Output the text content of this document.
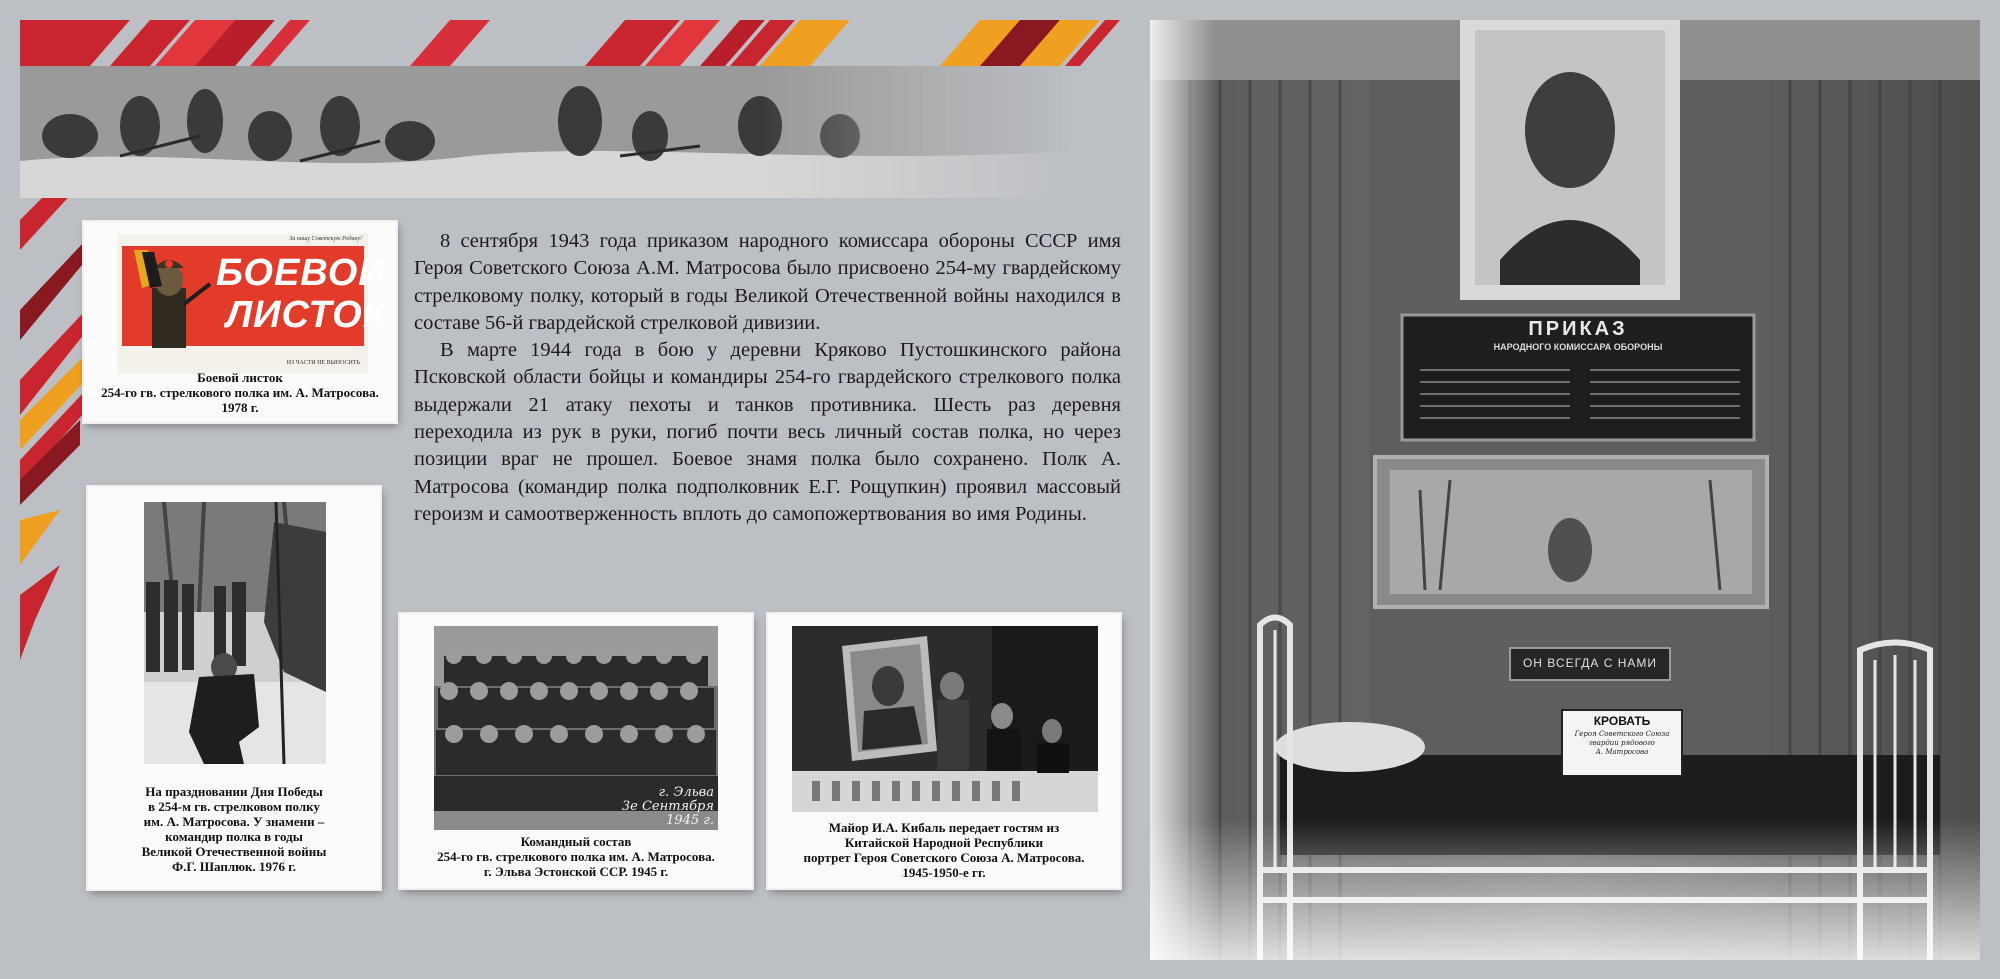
За нашу Советскую Родину!
БОЕВОЙ
ЛИСТОК
ИЗ ЧАСТИ НЕ ВЫНОСИТЬ
Боевой листок
254-го гв. стрелкового полка им. А. Матросова.
1978 г.
На праздновании Дня Победы
в 254-м гв. стрелковом полку
им. А. Матросова. У знамени –
командир полка в годы
Великой Отечественной войны
Ф.Г. Шаплюк. 1976 г.
г. Эльва
3е Сентября
1945 г.
Командный состав
254-го гв. стрелкового полка им. А. Матросова.
г. Эльва Эстонской ССР. 1945 г.
Майор И.А. Кибаль передает гостям из
Китайской Народной Республики
портрет Героя Советского Союза А. Матросова.
1945-1950-е гг.

8 сентября 1943 года приказом народного комиссара обороны СССР имя Героя Советского Союза А.М. Матросова было присвоено 254-му гвардейскому стрелковому полку, который в годы Великой Отечественной войны находился в составе 56-й гвардейской стрелковой дивизии.

В марте 1944 года в бою у деревни Кряково Пустошкинского района Псковской области бойцы и командиры 254-го гвардейского стрелкового полка выдержали 21 атаку пехоты и танков противника. Шесть раз деревня переходила из рук в руки, погиб почти весь личный состав полка, но через позиции враг не прошел. Боевое знамя полка было сохранено. Полк А. Матросова (командир полка подполковник Е.Г. Рощупкин) проявил массовый героизм и самоотверженность вплоть до самопожертвования во имя Родины.

ПРИКАЗ
НАРОДНОГО КОМИССАРА ОБОРОНЫ
ОН ВСЕГДА С НАМИ
КРОВАТЬ
Героя Советского Союза
гвардии рядового
А. Матросова
